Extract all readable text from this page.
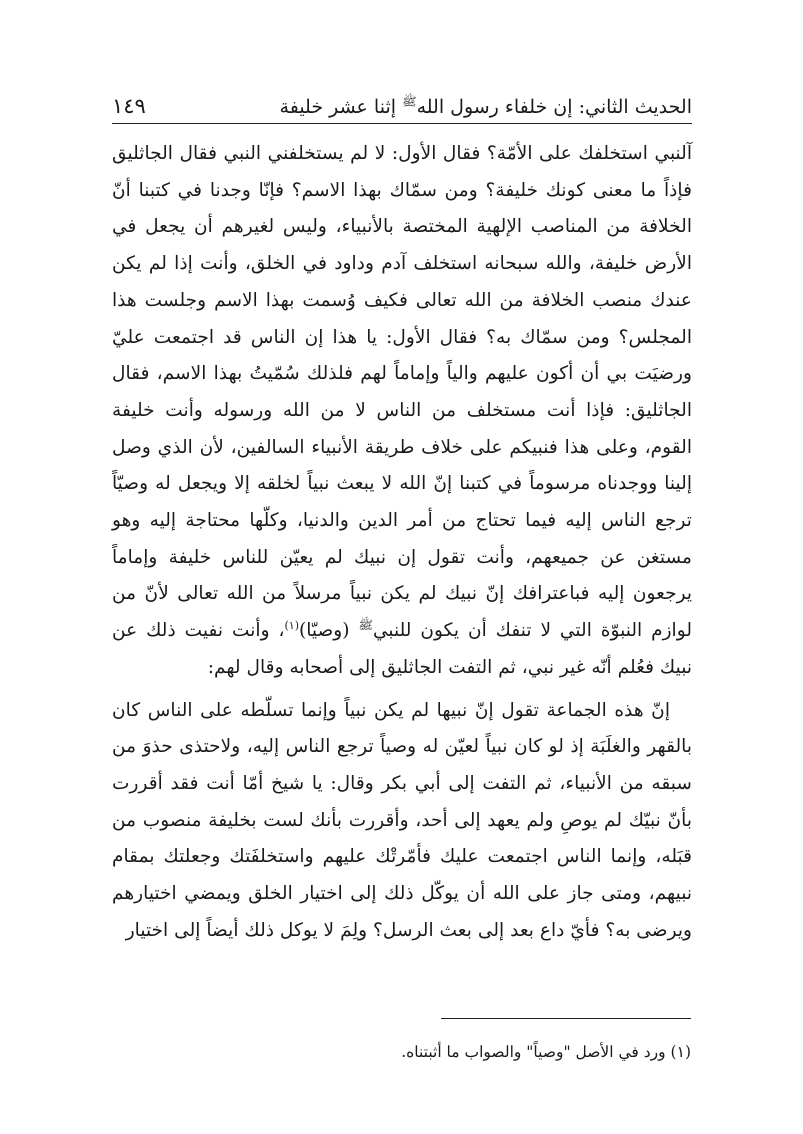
الحديث الثاني: إن خلفاء رسول الله$^ﷺ$ إثنا عشر خليفة
١٤٩

آلنبي استخلفك على الأمّة؟ فقال الأول: لا لم يستخلفني النبي فقال الجاثليق فإذاً ما معنى كونك خليفة؟ ومن سمّاك بهذا الاسم؟ فإنّا وجدنا في كتبنا أنّ الخلافة من المناصب الإلهية المختصة بالأنبياء، وليس لغيرهم أن يجعل في الأرض خليفة، والله سبحانه استخلف آدم وداود في الخلق، وأنت إذا لم يكن عندك منصب الخلافة من الله تعالى فكيف وُسمت بهذا الاسم وجلست هذا المجلس؟ ومن سمّاك به؟ فقال الأول: يا هذا إن الناس قد اجتمعت عليّ ورضيَت بي أن أكون عليهم والياً وإماماً لهم فلذلك سُمّيتُ بهذا الاسم، فقال الجاثليق: فإذا أنت مستخلف من الناس لا من الله ورسوله وأنت خليفة القوم، وعلى هذا فنبيكم على خلاف طريقة الأنبياء السالفين، لأن الذي وصل إلينا ووجدناه مرسوماً في كتبنا إنّ الله لا يبعث نبياً لخلقه إلا ويجعل له وصيّاً ترجع الناس إليه فيما تحتاج من أمر الدين والدنيا، وكلّها محتاجة إليه وهو مستغن عن جميعهم، وأنت تقول إن نبيك لم يعيّن للناس خليفة وإماماً يرجعون إليه فباعترافك إنّ نبيك لم يكن نبياً مرسلاً من الله تعالى لأنّ من لوازم النبوّة التي لا تنفك أن يكون للنبي$^ﷺ$ (وصيّا)$^{(١)}$، وأنت نفيت ذلك عن نبيك فعُلم أنّه غير نبي، ثم التفت الجاثليق إلى أصحابه وقال لهم:

إنّ هذه الجماعة تقول إنّ نبيها لم يكن نبياً وإنما تسلّطه على الناس كان بالقهر والغلَبَة إذ لو كان نبياً لعيّن له وصياً ترجع الناس إليه، ولاحتذى حذوَ من سبقه من الأنبياء، ثم التفت إلى أبي بكر وقال: يا شيخ أمّا أنت فقد أقررت بأنّ نبيّك لم يوصِ ولم يعهد إلى أحد، وأقررت بأنك لست بخليفة منصوب من قبَله، وإنما الناس اجتمعت عليك فأمّرتْك عليهم واستخلفَتك وجعلتك بمقام نبيهم، ومتى جاز على الله أن يوكّل ذلك إلى اختيار الخلق ويمضي اختيارهم ويرضى به؟ فأيّ داع بعد إلى بعث الرسل؟ ولِمَ لا يوكل ذلك أيضاً إلى اختيار

(١) ورد في الأصل "وصياً" والصواب ما أثبتناه.
